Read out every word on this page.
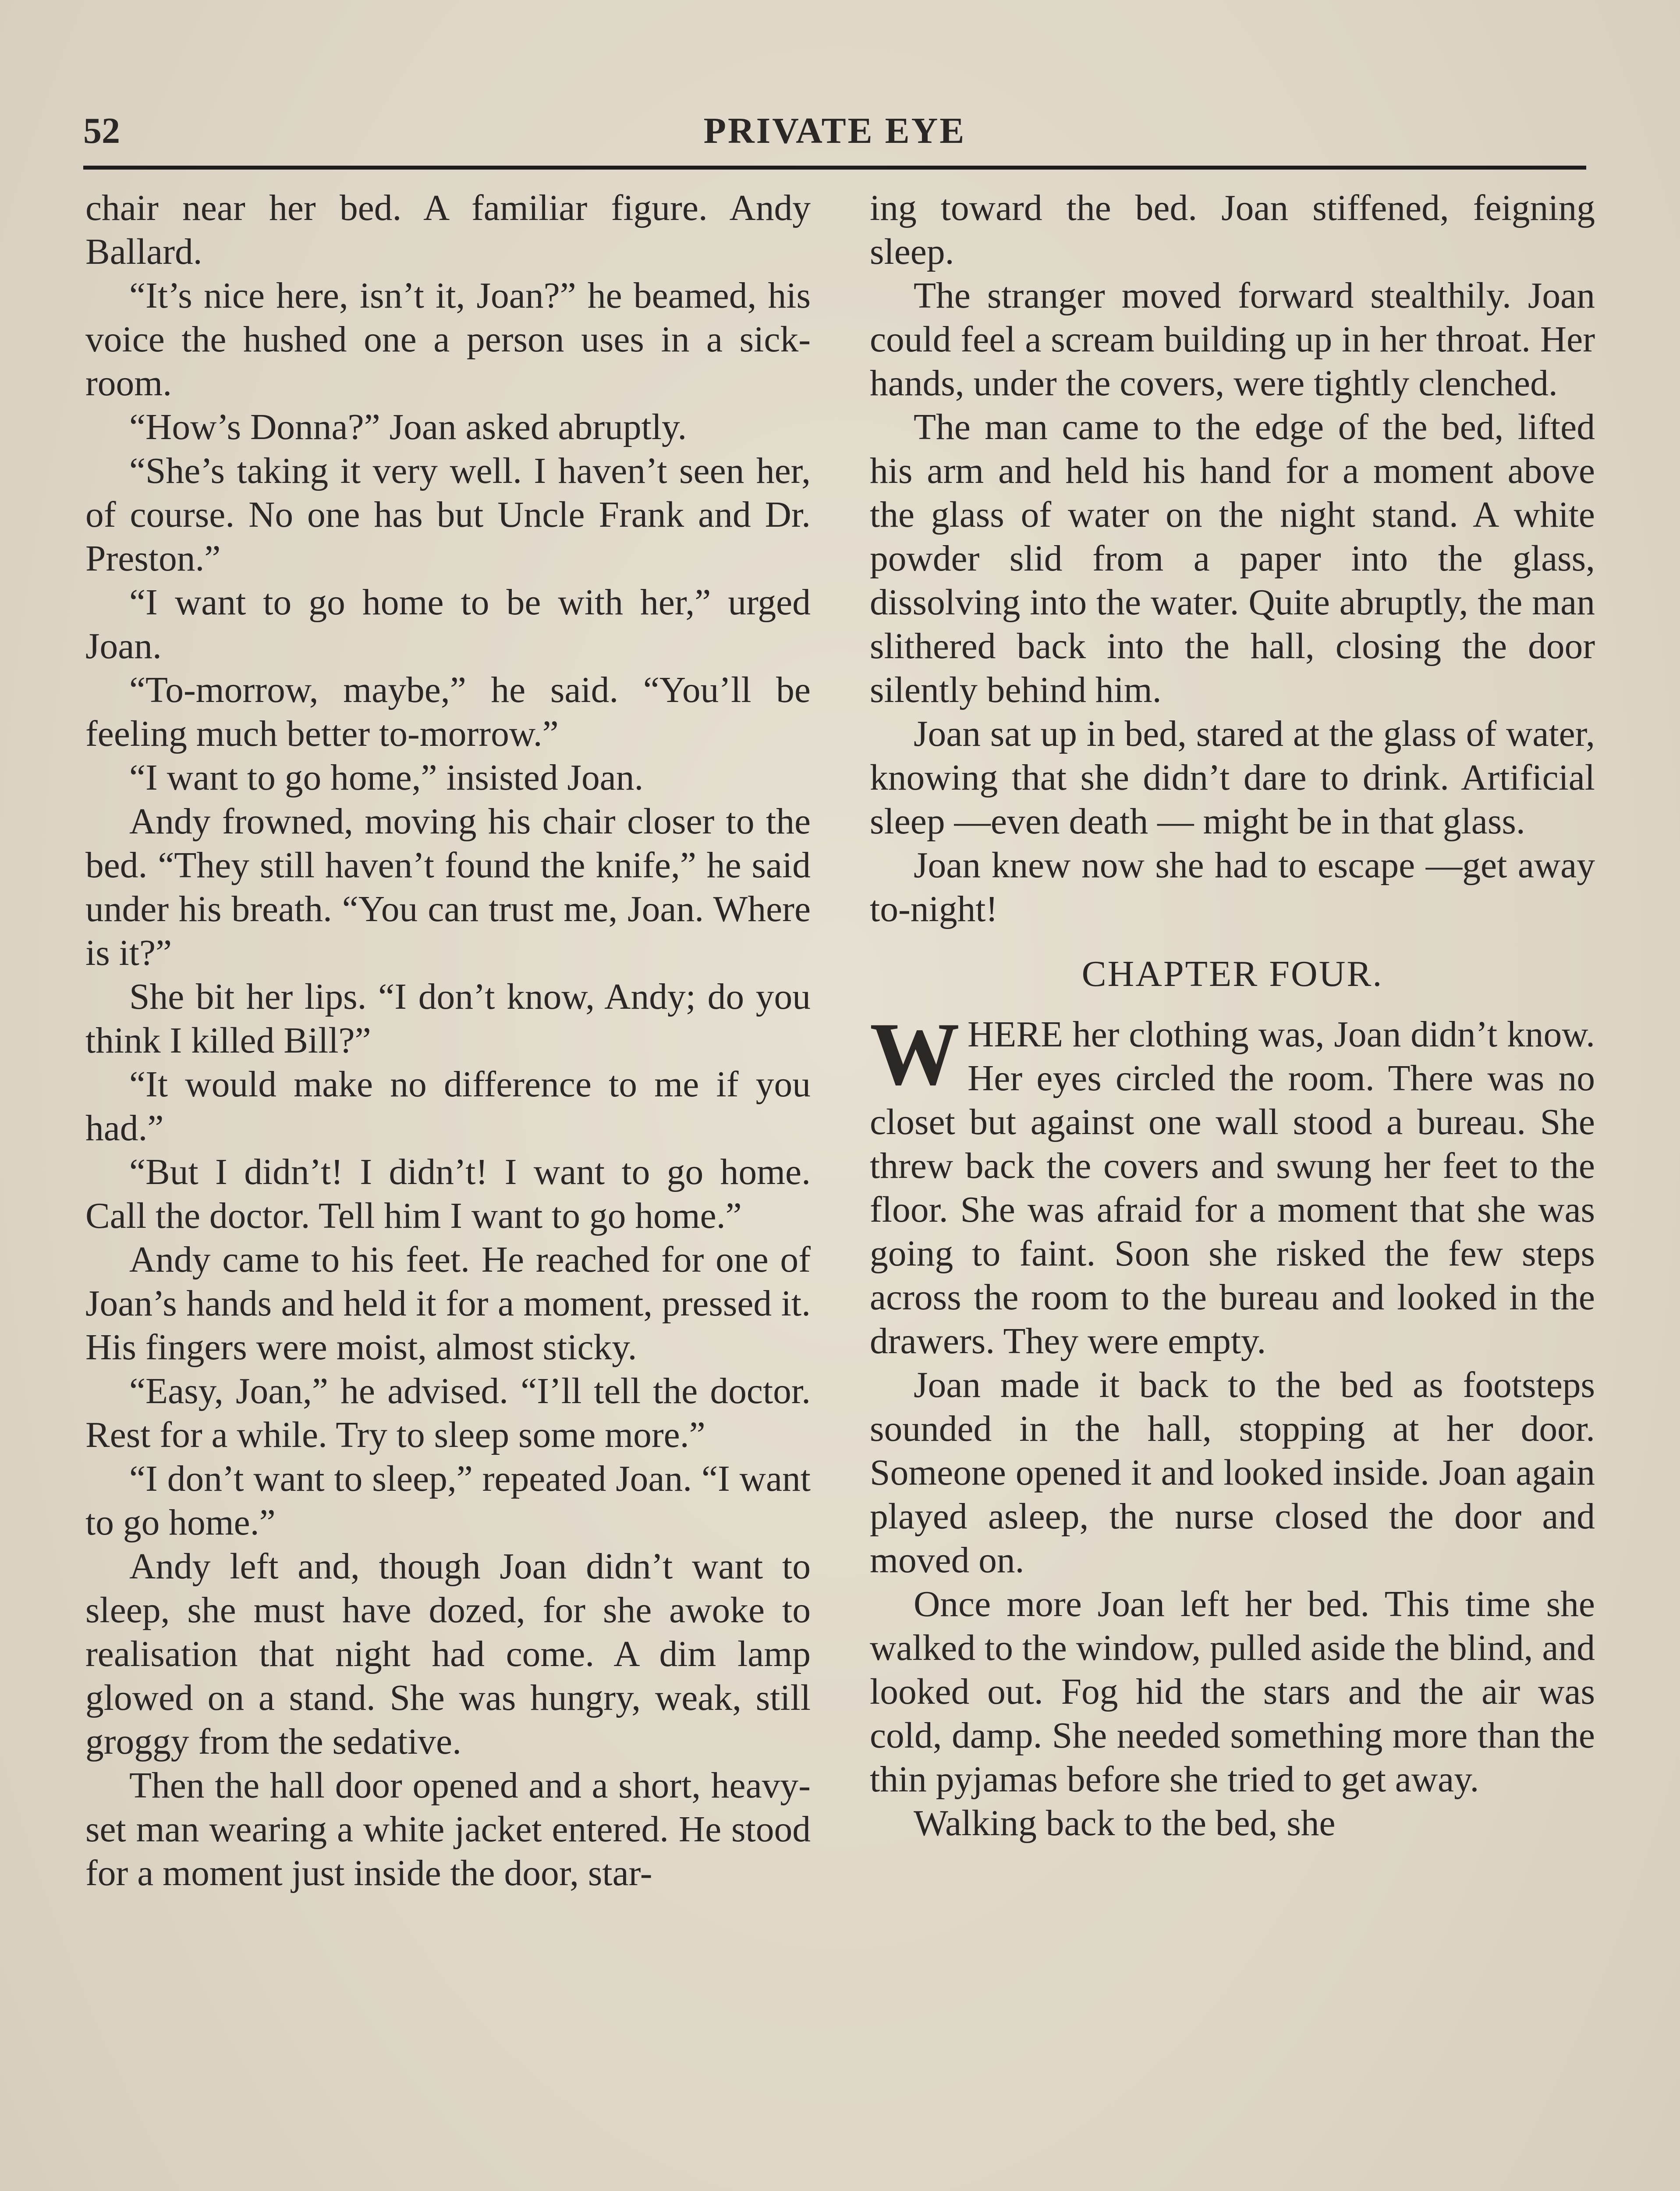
52	PRIVATE EYE

chair near her bed. A familiar figure. Andy Ballard.

“It’s nice here, isn’t it, Joan?” he beamed, his voice the hushed one a person uses in a sick-room.

“How’s Donna?” Joan asked abruptly.

“She’s taking it very well. I haven’t seen her, of course. No one has but Uncle Frank and Dr. Preston.”

“I want to go home to be with her,” urged Joan.

“To-morrow, maybe,” he said. “You’ll be feeling much better to-morrow.”

“I want to go home,” insisted Joan.

Andy frowned, moving his chair closer to the bed. “They still haven’t found the knife,” he said under his breath. “You can trust me, Joan. Where is it?”

She bit her lips. “I don’t know, Andy; do you think I killed Bill?”

“It would make no difference to me if you had.”

“But I didn’t! I didn’t! I want to go home. Call the doctor. Tell him I want to go home.”

Andy came to his feet. He reached for one of Joan’s hands and held it for a moment, pressed it. His fingers were moist, almost sticky.

“Easy, Joan,” he advised. “I’ll tell the doctor. Rest for a while. Try to sleep some more.”

“I don’t want to sleep,” repeated Joan. “I want to go home.”

Andy left and, though Joan didn’t want to sleep, she must have dozed, for she awoke to realisation that night had come. A dim lamp glowed on a stand. She was hungry, weak, still groggy from the sedative.

Then the hall door opened and a short, heavy-set man wearing a white jacket entered. He stood for a moment just inside the door, star-

ing toward the bed. Joan stiffened, feigning sleep.

The stranger moved forward stealthily. Joan could feel a scream building up in her throat. Her hands, under the covers, were tightly clenched.

The man came to the edge of the bed, lifted his arm and held his hand for a moment above the glass of water on the night stand. A white powder slid from a paper into the glass, dissolving into the water. Quite abruptly, the man slithered back into the hall, closing the door silently behind him.

Joan sat up in bed, stared at the glass of water, knowing that she didn’t dare to drink. Artificial sleep —even death — might be in that glass.

Joan knew now she had to escape —get away to-night!

CHAPTER FOUR.

WHERE her clothing was, Joan didn’t know. Her eyes circled the room. There was no closet but against one wall stood a bureau. She threw back the covers and swung her feet to the floor. She was afraid for a moment that she was going to faint. Soon she risked the few steps across the room to the bureau and looked in the drawers. They were empty.

Joan made it back to the bed as footsteps sounded in the hall, stopping at her door. Someone opened it and looked inside. Joan again played asleep, the nurse closed the door and moved on.

Once more Joan left her bed. This time she walked to the window, pulled aside the blind, and looked out. Fog hid the stars and the air was cold, damp. She needed something more than the thin pyjamas before she tried to get away.

Walking back to the bed, she
